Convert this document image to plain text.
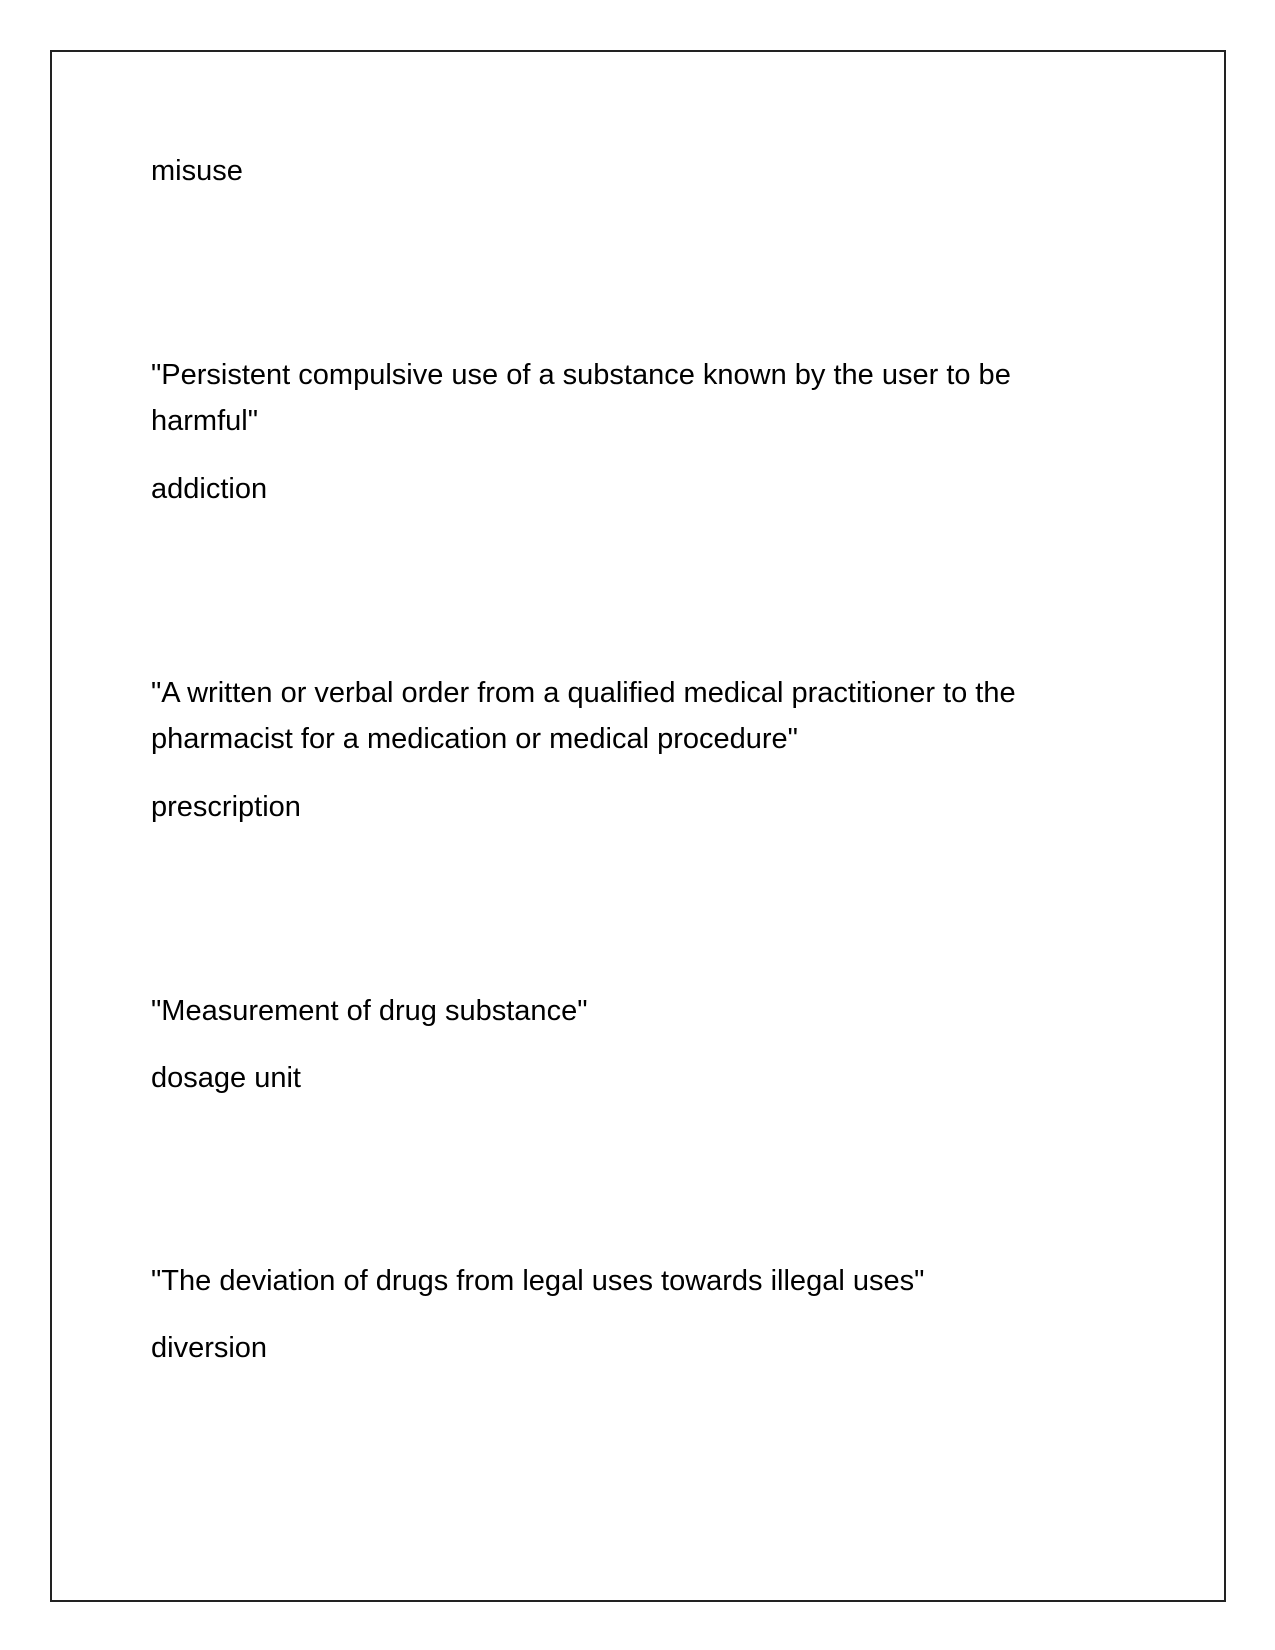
misuse

"Persistent compulsive use of a substance known by the user to be harmful"

addiction

"A written or verbal order from a qualified medical practitioner to the pharmacist for a medication or medical procedure"

prescription

"Measurement of drug substance"

dosage unit

"The deviation of drugs from legal uses towards illegal uses"

diversion
